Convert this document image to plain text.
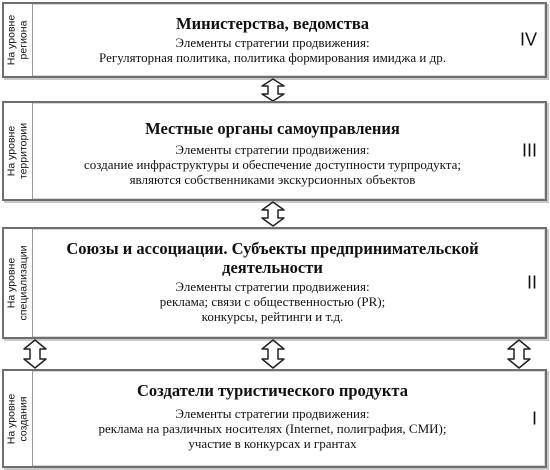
На уровне региона	Министерства, ведомства
Элементы стратегии продвижения:
Регуляторная политика, политика формирования имиджа и др.
IV
На уровне территории	Местные органы самоуправления
Элементы стратегии продвижения:
создание инфраструктуры и обеспечение доступности турпродукта;
являются собственниками экскурсионных объектов
III
На уровне специализации	Союзы и ассоциации. Субъекты предпринимательской
деятельности
Элементы стратегии продвижения:
реклама; связи с общественностью (PR);
конкурсы, рейтинги и т.д.
II
На уровне создания
Создатели туристического продукта
Элементы стратегии продвижения:
реклама на различных носителях (Internet, полиграфия, СМИ);
участие в конкурсах и грантах
I
